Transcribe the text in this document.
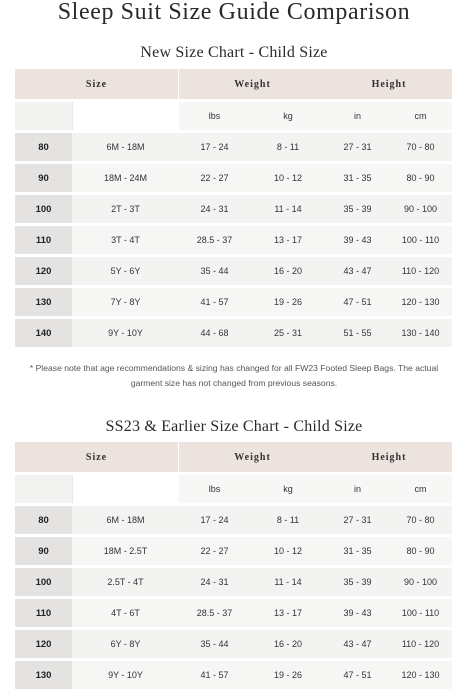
Sleep Suit Size Guide Comparison
New Size Chart - Child Size
Size		Weight		Height	
		lbs	kg	in	cm
80	6M - 18M	17 - 24	8 - 11	27 - 31	70 - 80
90	18M - 24M	22 - 27	10 - 12	31 - 35	80 - 90
100	2T - 3T	24 - 31	11 - 14	35 - 39	90 - 100
110	3T - 4T	28.5 - 37	13 - 17	39 - 43	100 - 110
120	5Y - 6Y	35 - 44	16 - 20	43 - 47	110 - 120
130	7Y - 8Y	41 - 57	19 - 26	47 - 51	120 - 130
140	9Y - 10Y	44 - 68	25 - 31	51 - 55	130 - 140
* Please note that age recommendations & sizing has changed for all FW23 Footed Sleep Bags. The actual garment size has not changed from previous seasons.
SS23 & Earlier Size Chart - Child Size
Size		Weight		Height	
		lbs	kg	in	cm
80	6M - 18M	17 - 24	8 - 11	27 - 31	70 - 80
90	18M - 2.5T	22 - 27	10 - 12	31 - 35	80 - 90
100	2.5T - 4T	24 - 31	11 - 14	35 - 39	90 - 100
110	4T - 6T	28.5 - 37	13 - 17	39 - 43	100 - 110
120	6Y - 8Y	35 - 44	16 - 20	43 - 47	110 - 120
130	9Y - 10Y	41 - 57	19 - 26	47 - 51	120 - 130
